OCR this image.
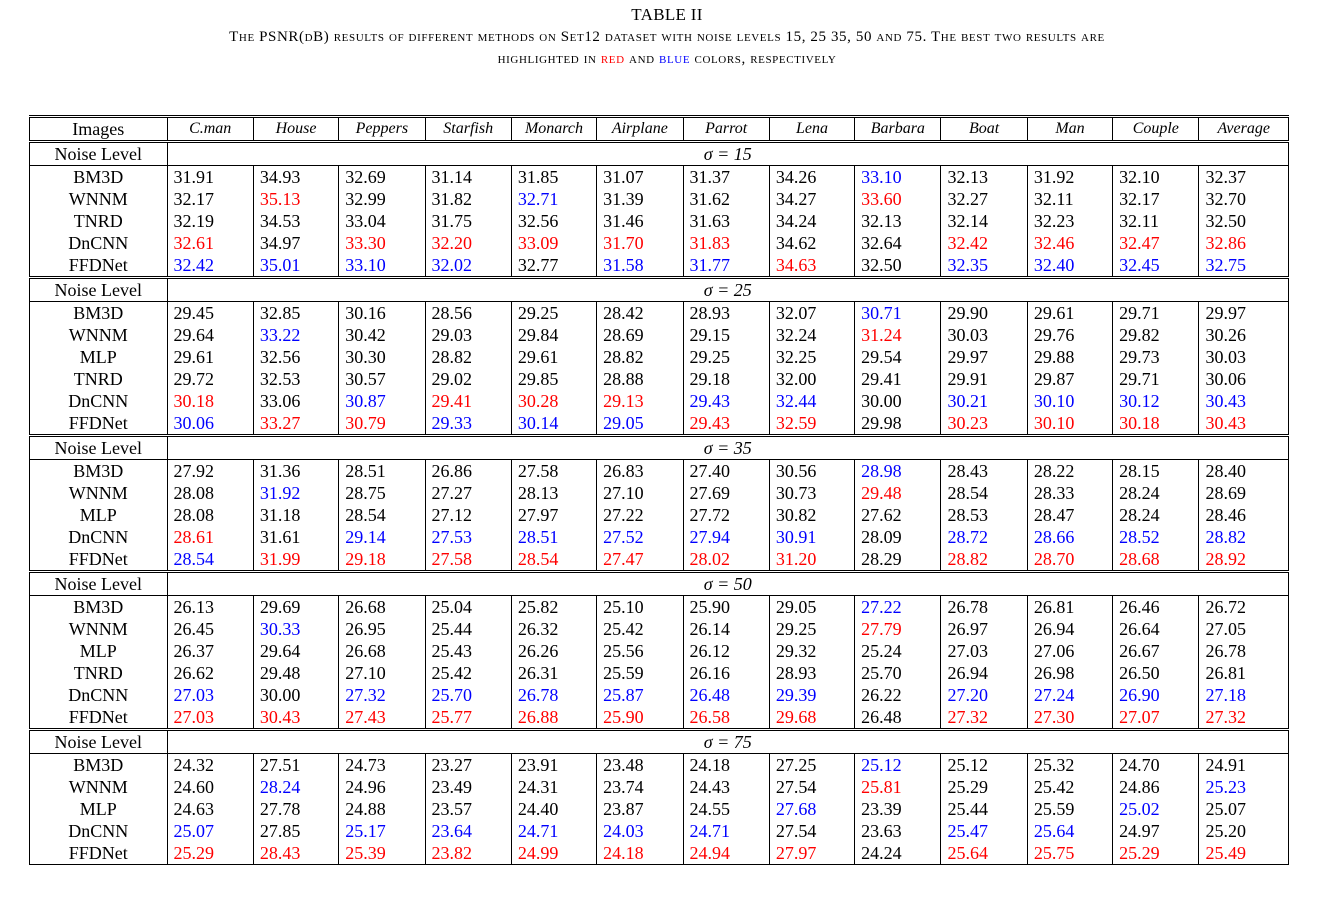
TABLE II
The PSNR(dB) results of different methods on Set12 dataset with noise levels 15, 25 35, 50 and 75. The best two results are
highlighted in red and blue colors, respectively
Images	C.man	House	Peppers	Starfish	Monarch	Airplane	Parrot	Lena	Barbara	Boat	Man	Couple	Average
Noise Level	σ = 15												
BM3D	31.91	34.93	32.69	31.14	31.85	31.07	31.37	34.26	33.10	32.13	31.92	32.10	32.37
WNNM	32.17	35.13	32.99	31.82	32.71	31.39	31.62	34.27	33.60	32.27	32.11	32.17	32.70
TNRD	32.19	34.53	33.04	31.75	32.56	31.46	31.63	34.24	32.13	32.14	32.23	32.11	32.50
DnCNN	32.61	34.97	33.30	32.20	33.09	31.70	31.83	34.62	32.64	32.42	32.46	32.47	32.86
FFDNet	32.42	35.01	33.10	32.02	32.77	31.58	31.77	34.63	32.50	32.35	32.40	32.45	32.75
Noise Level	σ = 25												
BM3D	29.45	32.85	30.16	28.56	29.25	28.42	28.93	32.07	30.71	29.90	29.61	29.71	29.97
WNNM	29.64	33.22	30.42	29.03	29.84	28.69	29.15	32.24	31.24	30.03	29.76	29.82	30.26
MLP	29.61	32.56	30.30	28.82	29.61	28.82	29.25	32.25	29.54	29.97	29.88	29.73	30.03
TNRD	29.72	32.53	30.57	29.02	29.85	28.88	29.18	32.00	29.41	29.91	29.87	29.71	30.06
DnCNN	30.18	33.06	30.87	29.41	30.28	29.13	29.43	32.44	30.00	30.21	30.10	30.12	30.43
FFDNet	30.06	33.27	30.79	29.33	30.14	29.05	29.43	32.59	29.98	30.23	30.10	30.18	30.43
Noise Level	σ = 35												
BM3D	27.92	31.36	28.51	26.86	27.58	26.83	27.40	30.56	28.98	28.43	28.22	28.15	28.40
WNNM	28.08	31.92	28.75	27.27	28.13	27.10	27.69	30.73	29.48	28.54	28.33	28.24	28.69
MLP	28.08	31.18	28.54	27.12	27.97	27.22	27.72	30.82	27.62	28.53	28.47	28.24	28.46
DnCNN	28.61	31.61	29.14	27.53	28.51	27.52	27.94	30.91	28.09	28.72	28.66	28.52	28.82
FFDNet	28.54	31.99	29.18	27.58	28.54	27.47	28.02	31.20	28.29	28.82	28.70	28.68	28.92
Noise Level	σ = 50												
BM3D	26.13	29.69	26.68	25.04	25.82	25.10	25.90	29.05	27.22	26.78	26.81	26.46	26.72
WNNM	26.45	30.33	26.95	25.44	26.32	25.42	26.14	29.25	27.79	26.97	26.94	26.64	27.05
MLP	26.37	29.64	26.68	25.43	26.26	25.56	26.12	29.32	25.24	27.03	27.06	26.67	26.78
TNRD	26.62	29.48	27.10	25.42	26.31	25.59	26.16	28.93	25.70	26.94	26.98	26.50	26.81
DnCNN	27.03	30.00	27.32	25.70	26.78	25.87	26.48	29.39	26.22	27.20	27.24	26.90	27.18
FFDNet	27.03	30.43	27.43	25.77	26.88	25.90	26.58	29.68	26.48	27.32	27.30	27.07	27.32
Noise Level	σ = 75												
BM3D	24.32	27.51	24.73	23.27	23.91	23.48	24.18	27.25	25.12	25.12	25.32	24.70	24.91
WNNM	24.60	28.24	24.96	23.49	24.31	23.74	24.43	27.54	25.81	25.29	25.42	24.86	25.23
MLP	24.63	27.78	24.88	23.57	24.40	23.87	24.55	27.68	23.39	25.44	25.59	25.02	25.07
DnCNN	25.07	27.85	25.17	23.64	24.71	24.03	24.71	27.54	23.63	25.47	25.64	24.97	25.20
FFDNet	25.29	28.43	25.39	23.82	24.99	24.18	24.94	27.97	24.24	25.64	25.75	25.29	25.49
